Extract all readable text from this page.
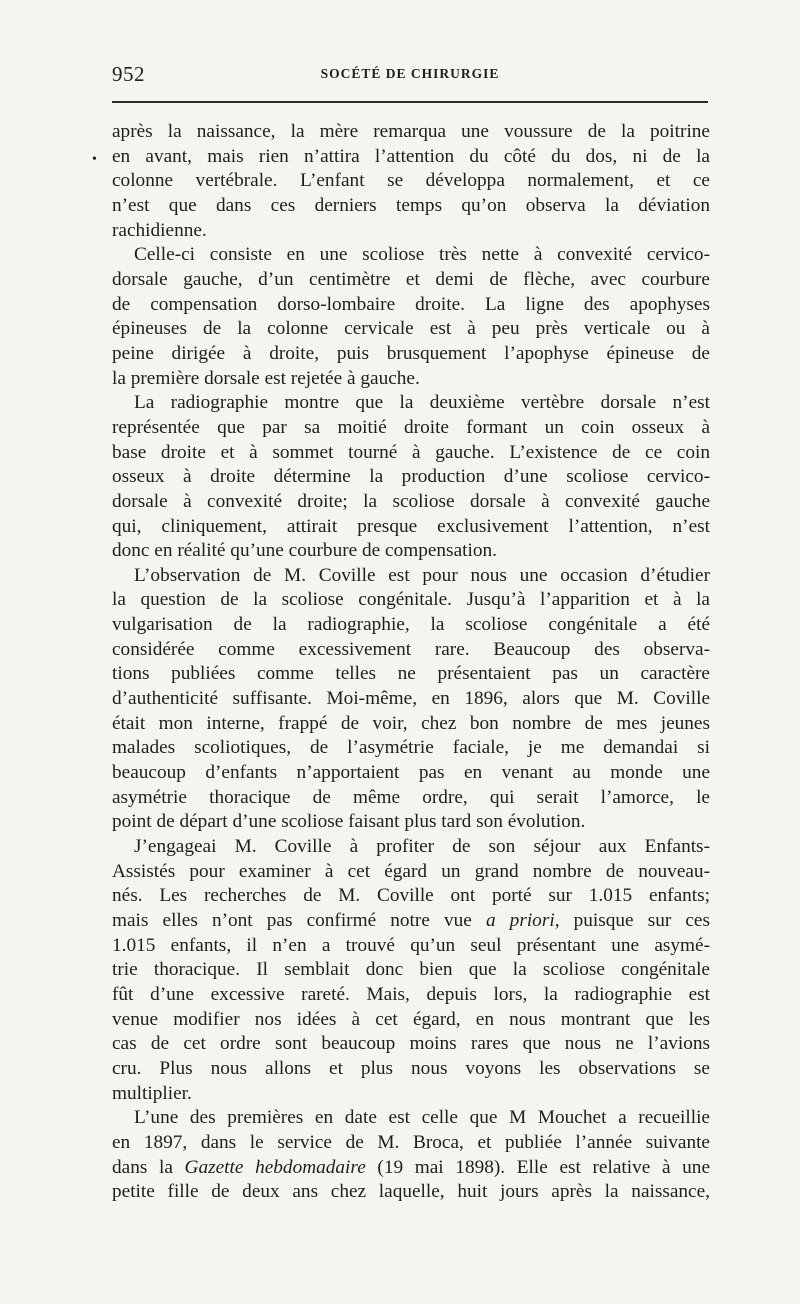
952	SOCÉTÉ DE CHIRURGIE
•
après la naissance, la mère remarqua une voussure de la poitrine
en avant, mais rien n’attira l’attention du côté du dos, ni de la
colonne vertébrale. L’enfant se développa normalement, et ce
n’est que dans ces derniers temps qu’on observa la déviation
rachidienne.
Celle-ci consiste en une scoliose très nette à convexité cervico-
dorsale gauche, d’un centimètre et demi de flèche, avec courbure
de compensation dorso-lombaire droite. La ligne des apophyses
épineuses de la colonne cervicale est à peu près verticale ou à
peine dirigée à droite, puis brusquement l’apophyse épineuse de
la première dorsale est rejetée à gauche.
La radiographie montre que la deuxième vertèbre dorsale n’est
représentée que par sa moitié droite formant un coin osseux à
base droite et à sommet tourné à gauche. L’existence de ce coin
osseux à droite détermine la production d’une scoliose cervico-
dorsale à convexité droite; la scoliose dorsale à convexité gauche
qui, cliniquement, attirait presque exclusivement l’attention, n’est
donc en réalité qu’une courbure de compensation.
L’observation de M. Coville est pour nous une occasion d’étudier
la question de la scoliose congénitale. Jusqu’à l’apparition et à la
vulgarisation de la radiographie, la scoliose congénitale a été
considérée comme excessivement rare. Beaucoup des observa-
tions publiées comme telles ne présentaient pas un caractère
d’authenticité suffisante. Moi-même, en 1896, alors que M. Coville
était mon interne, frappé de voir, chez bon nombre de mes jeunes
malades scoliotiques, de l’asymétrie faciale, je me demandai si
beaucoup d’enfants n’apportaient pas en venant au monde une
asymétrie thoracique de même ordre, qui serait l’amorce, le
point de départ d’une scoliose faisant plus tard son évolution.
J’engageai M. Coville à profiter de son séjour aux Enfants-
Assistés pour examiner à cet égard un grand nombre de nouveau-
nés. Les recherches de M. Coville ont porté sur 1.015 enfants;
mais elles n’ont pas confirmé notre vue a priori, puisque sur ces
1.015 enfants, il n’en a trouvé qu’un seul présentant une asymé-
trie thoracique. Il semblait donc bien que la scoliose congénitale
fût d’une excessive rareté. Mais, depuis lors, la radiographie est
venue modifier nos idées à cet égard, en nous montrant que les
cas de cet ordre sont beaucoup moins rares que nous ne l’avions
cru. Plus nous allons et plus nous voyons les observations se
multiplier.
L’une des premières en date est celle que M Mouchet a recueillie
en 1897, dans le service de M. Broca, et publiée l’année suivante
dans la Gazette hebdomadaire (19 mai 1898). Elle est relative à une
petite fille de deux ans chez laquelle, huit jours après la naissance,
